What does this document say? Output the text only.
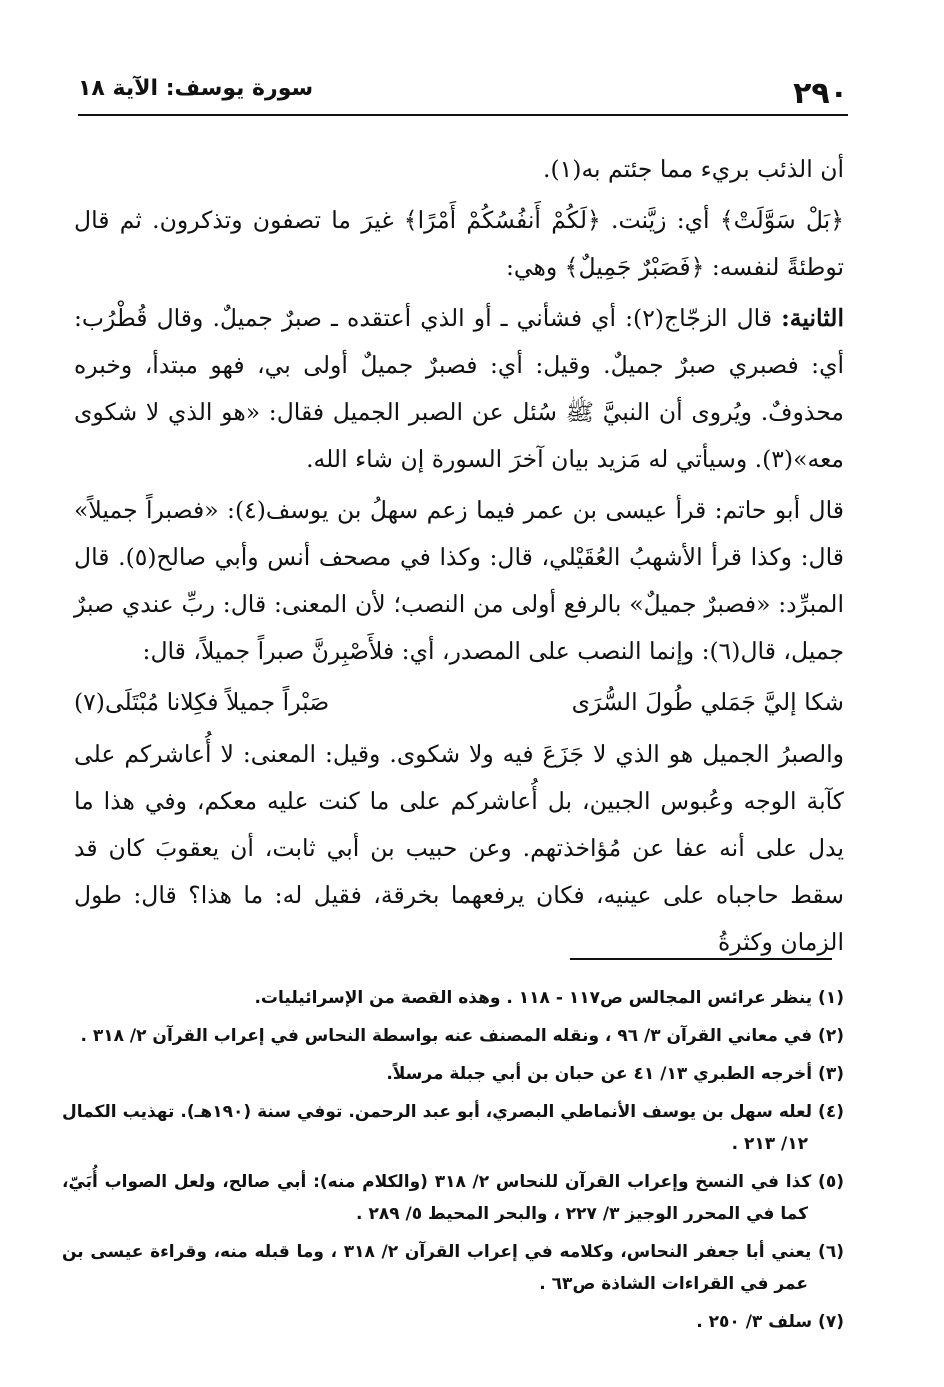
٢٩٠
سورة يوسف: الآية ١٨

أن الذئب بريء مما جئتم به(١).

﴿بَلْ سَوَّلَتْ﴾ أي: زيَّنت. ﴿لَكُمْ أَنفُسُكُمْ أَمْرًا﴾ غيرَ ما تصفون وتذكرون. ثم قال توطئةً لنفسه: ﴿فَصَبْرٌ جَمِيلٌ﴾ وهي:

الثانية: قال الزجّاج(٢): أي فشأني ـ أو الذي أعتقده ـ صبرٌ جميلٌ. وقال قُطْرُب: أي: فصبري صبرٌ جميلٌ. وقيل: أي: فصبرٌ جميلٌ أولى بي، فهو مبتدأ، وخبره محذوفٌ. ويُروى أن النبيَّ ﷺ سُئل عن الصبر الجميل فقال: «هو الذي لا شكوى معه»(٣). وسيأتي له مَزيد بيان آخرَ السورة إن شاء الله.

قال أبو حاتم: قرأ عيسى بن عمر فيما زعم سهلُ بن يوسف(٤): «فصبراً جميلاً» قال: وكذا قرأ الأشهبُ العُقَيْلي، قال: وكذا في مصحف أنس وأبي صالح(٥). قال المبرِّد: «فصبرٌ جميلٌ» بالرفع أولى من النصب؛ لأن المعنى: قال: ربِّ عندي صبرٌ جميل، قال(٦): وإنما النصب على المصدر، أي: فلأَصْبِرنَّ صبراً جميلاً، قال:

شكا إليَّ جَمَلي طُولَ السُّرَى
صَبْراً جميلاً فكِلانا مُبْتَلَى(٧)

والصبرُ الجميل هو الذي لا جَزَعَ فيه ولا شكوى. وقيل: المعنى: لا أُعاشركم على كآبة الوجه وعُبوس الجبين، بل أُعاشركم على ما كنت عليه معكم، وفي هذا ما يدل على أنه عفا عن مُؤاخذتهم. وعن حبيب بن أبي ثابت، أن يعقوبَ كان قد سقط حاجباه على عينيه، فكان يرفعهما بخرقة، فقيل له: ما هذا؟ قال: طول الزمان وكثرةُ

(١) ينظر عرائس المجالس ص١١٧ - ١١٨ . وهذه القصة من الإسرائيليات.
(٢) في معاني القرآن ٣/ ٩٦ ، ونقله المصنف عنه بواسطة النحاس في إعراب القرآن ٢/ ٣١٨ .
(٣) أخرجه الطبري ١٣/ ٤١ عن حبان بن أبي جبلة مرسلاً.
(٤) لعله سهل بن يوسف الأنماطي البصري، أبو عبد الرحمن. توفي سنة (١٩٠هـ). تهذيب الكمال ١٢/ ٢١٣ .
(٥) كذا في النسخ وإعراب القرآن للنحاس ٢/ ٣١٨ (والكلام منه): أبي صالح، ولعل الصواب أُبَيّ، كما في المحرر الوجيز ٣/ ٢٢٧ ، والبحر المحيط ٥/ ٢٨٩ .
(٦) يعني أبا جعفر النحاس، وكلامه في إعراب القرآن ٢/ ٣١٨ ، وما قبله منه، وقراءة عيسى بن عمر في القراءات الشاذة ص٦٣ .
(٧) سلف ٣/ ٢٥٠ .
